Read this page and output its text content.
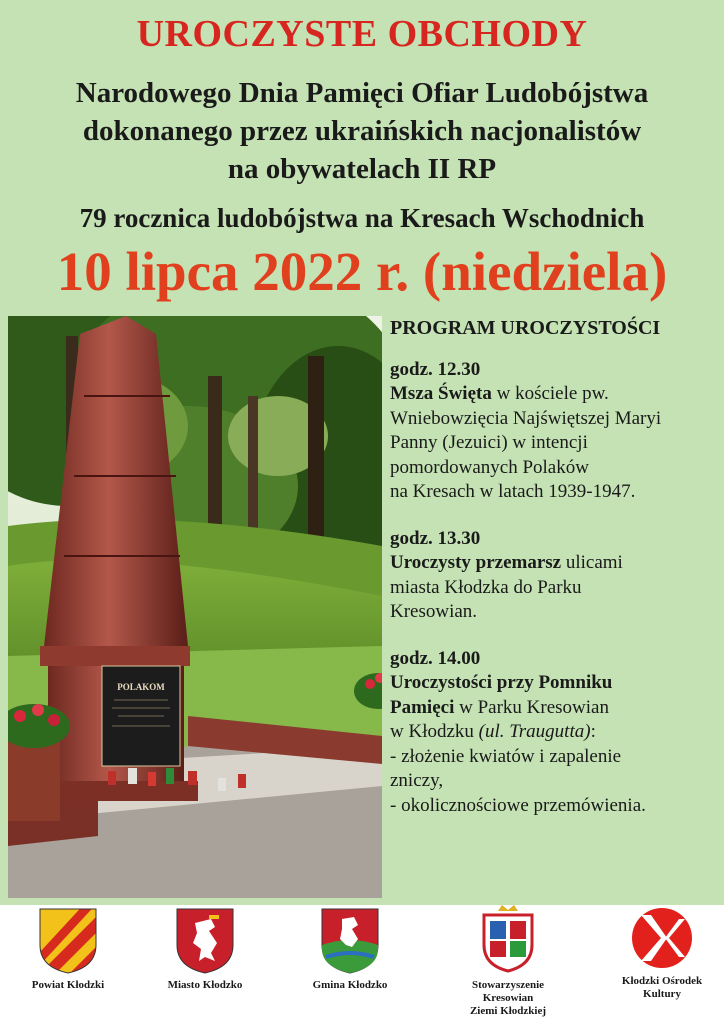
UROCZYSTE OBCHODY
Narodowego Dnia Pamięci Ofiar Ludobójstwa
dokonanego przez ukraińskich nacjonalistów
na obywatelach II RP
79 rocznica ludobójstwa na Kresach Wschodnich
10 lipca 2022 r. (niedziela)
POLAKOM
PROGRAM UROCZYSTOŚCI
godz. 12.30
Msza Święta w kościele pw.
Wniebowzięcia Najświętszej Maryi
Panny (Jezuici) w intencji
pomordowanych Polaków
na Kresach w latach 1939-1947.
godz. 13.30
Uroczysty przemarsz ulicami
miasta Kłodzka do Parku
Kresowian.
godz. 14.00
Uroczystości przy Pomniku
Pamięci w Parku Kresowian
w Kłodzku (ul. Traugutta):
- złożenie kwiatów i zapalenie
zniczy,
- okolicznościowe przemówienia.
Powiat Kłodzki	Miasto Kłodzko	Gmina Kłodzko	Stowarzyszenie
Kresowian
Ziemi Kłodzkiej
Kłodzki Ośrodek
Kultury
